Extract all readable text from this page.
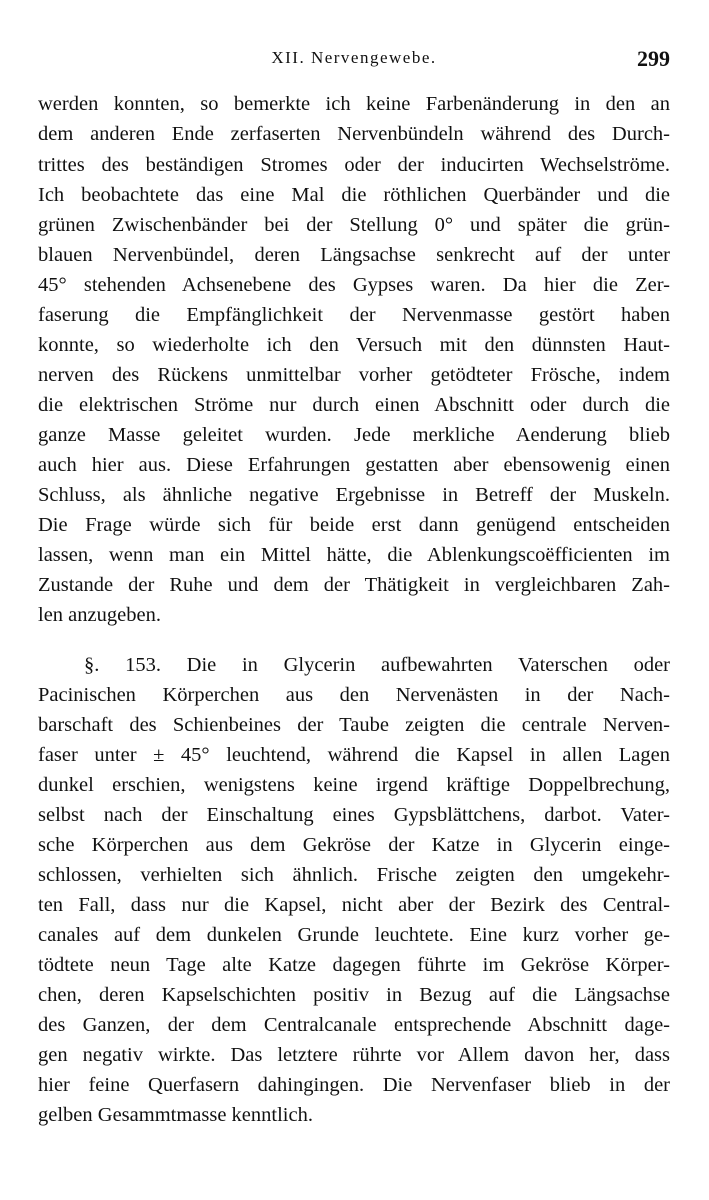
XII. Nervengewebe.	299
werden konnten, so bemerkte ich keine Farbenänderung in den an
dem anderen Ende zerfaserten Nervenbündeln während des Durch-
trittes des beständigen Stromes oder der inducirten Wechselströme.
Ich beobachtete das eine Mal die röthlichen Querbänder und die
grünen Zwischenbänder bei der Stellung 0° und später die grün-
blauen Nervenbündel, deren Längsachse senkrecht auf der unter
45° stehenden Achsenebene des Gypses waren. Da hier die Zer-
faserung die Empfänglichkeit der Nervenmasse gestört haben
konnte, so wiederholte ich den Versuch mit den dünnsten Haut-
nerven des Rückens unmittelbar vorher getödteter Frösche, indem
die elektrischen Ströme nur durch einen Abschnitt oder durch die
ganze Masse geleitet wurden. Jede merkliche Aenderung blieb
auch hier aus. Diese Erfahrungen gestatten aber ebensowenig einen
Schluss, als ähnliche negative Ergebnisse in Betreff der Muskeln.
Die Frage würde sich für beide erst dann genügend entscheiden
lassen, wenn man ein Mittel hätte, die Ablenkungscoëfficienten im
Zustande der Ruhe und dem der Thätigkeit in vergleichbaren Zah-
len anzugeben.
§. 153. Die in Glycerin aufbewahrten Vaterschen oder
Pacinischen Körperchen aus den Nervenästen in der Nach-
barschaft des Schienbeines der Taube zeigten die centrale Nerven-
faser unter ± 45° leuchtend, während die Kapsel in allen Lagen
dunkel erschien, wenigstens keine irgend kräftige Doppelbrechung,
selbst nach der Einschaltung eines Gypsblättchens, darbot. Vater-
sche Körperchen aus dem Gekröse der Katze in Glycerin einge-
schlossen, verhielten sich ähnlich. Frische zeigten den umgekehr-
ten Fall, dass nur die Kapsel, nicht aber der Bezirk des Central-
canales auf dem dunkelen Grunde leuchtete. Eine kurz vorher ge-
tödtete neun Tage alte Katze dagegen führte im Gekröse Körper-
chen, deren Kapselschichten positiv in Bezug auf die Längsachse
des Ganzen, der dem Centralcanale entsprechende Abschnitt dage-
gen negativ wirkte. Das letztere rührte vor Allem davon her, dass
hier feine Querfasern dahingingen. Die Nervenfaser blieb in der
gelben Gesammtmasse kenntlich.
